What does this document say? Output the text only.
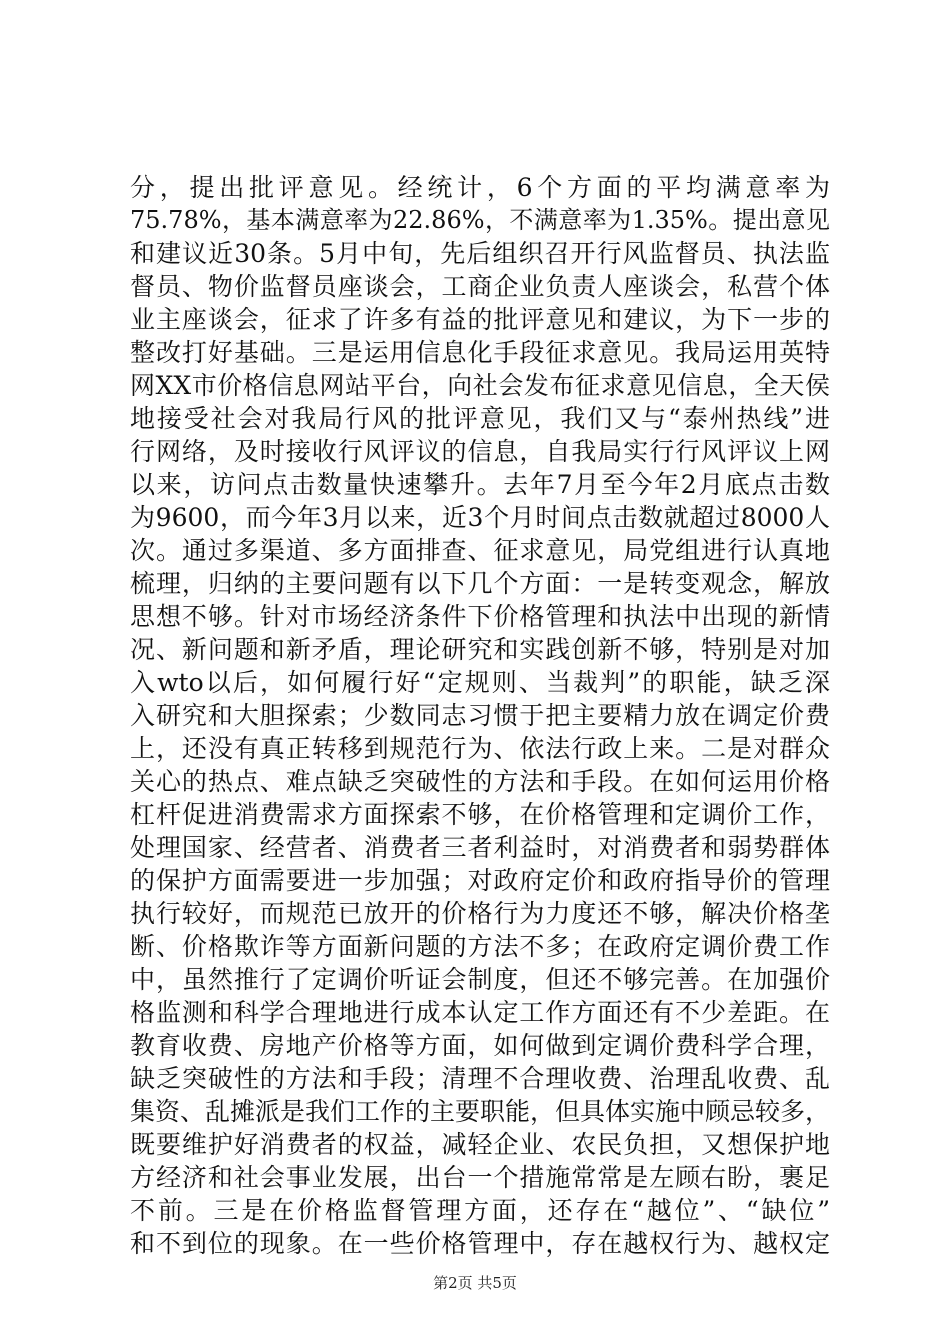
分，提出批评意见。经统计，6个方面的平均满意率为
75.78%，基本满意率为22.86%，不满意率为1.35%。提出意见
和建议近30条。5月中旬，先后组织召开行风监督员、执法监
督员、物价监督员座谈会，工商企业负责人座谈会，私营个体
业主座谈会，征求了许多有益的批评意见和建议，为下一步的
整改打好基础。三是运用信息化手段征求意见。我局运用英特
网XX市价格信息网站平台，向社会发布征求意见信息，全天侯
地接受社会对我局行风的批评意见，我们又与“泰州热线”进
行网络，及时接收行风评议的信息，自我局实行行风评议上网
以来，访问点击数量快速攀升。去年7月至今年2月底点击数
为9600，而今年3月以来，近3个月时间点击数就超过8000人
次。通过多渠道、多方面排查、征求意见，局党组进行认真地
梳理，归纳的主要问题有以下几个方面：一是转变观念，解放
思想不够。针对市场经济条件下价格管理和执法中出现的新情
况、新问题和新矛盾，理论研究和实践创新不够，特别是对加
入wto以后，如何履行好“定规则、当裁判”的职能，缺乏深
入研究和大胆探索；少数同志习惯于把主要精力放在调定价费
上，还没有真正转移到规范行为、依法行政上来。二是对群众
关心的热点、难点缺乏突破性的方法和手段。在如何运用价格
杠杆促进消费需求方面探索不够，在价格管理和定调价工作，
处理国家、经营者、消费者三者利益时，对消费者和弱势群体
的保护方面需要进一步加强；对政府定价和政府指导价的管理
执行较好，而规范已放开的价格行为力度还不够，解决价格垄
断、价格欺诈等方面新问题的方法不多；在政府定调价费工作
中，虽然推行了定调价听证会制度，但还不够完善。在加强价
格监测和科学合理地进行成本认定工作方面还有不少差距。在
教育收费、房地产价格等方面，如何做到定调价费科学合理，
缺乏突破性的方法和手段；清理不合理收费、治理乱收费、乱
集资、乱摊派是我们工作的主要职能，但具体实施中顾忌较多，
既要维护好消费者的权益，减轻企业、农民负担，又想保护地
方经济和社会事业发展，出台一个措施常常是左顾右盼，裹足
不前。三是在价格监督管理方面，还存在“越位”、“缺位”
和不到位的现象。在一些价格管理中，存在越权行为、越权定
第2页 共5页
